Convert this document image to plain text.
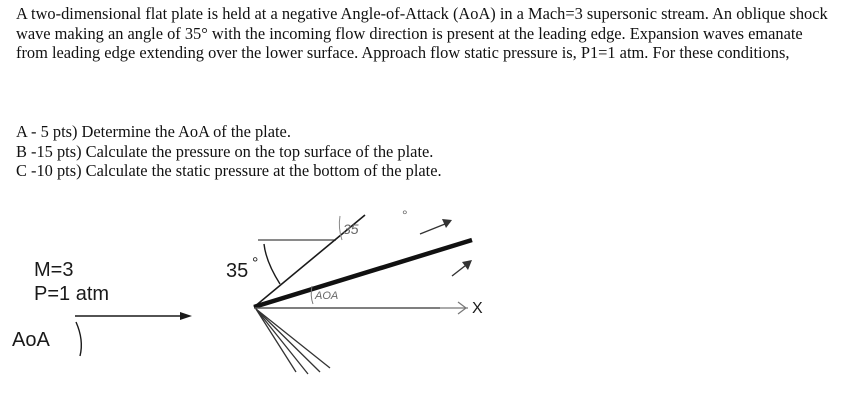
A two-dimensional flat plate is held at a negative Angle-of-Attack (AoA) in a Mach=3 supersonic stream. An oblique shock wave making an angle of 35° with the incoming flow direction is present at the leading edge. Expansion waves emanate from leading edge extending over the lower surface. Approach flow static pressure is, P1=1 atm. For these conditions,

A - 5 pts) Determine the AoA of the plate.
B -15 pts) Calculate the pressure on the top surface of the plate.
C -10 pts) Calculate the static pressure at the bottom of the plate.
M=3
P=1 atm
AoA
35 °
35
°
AOA
X
